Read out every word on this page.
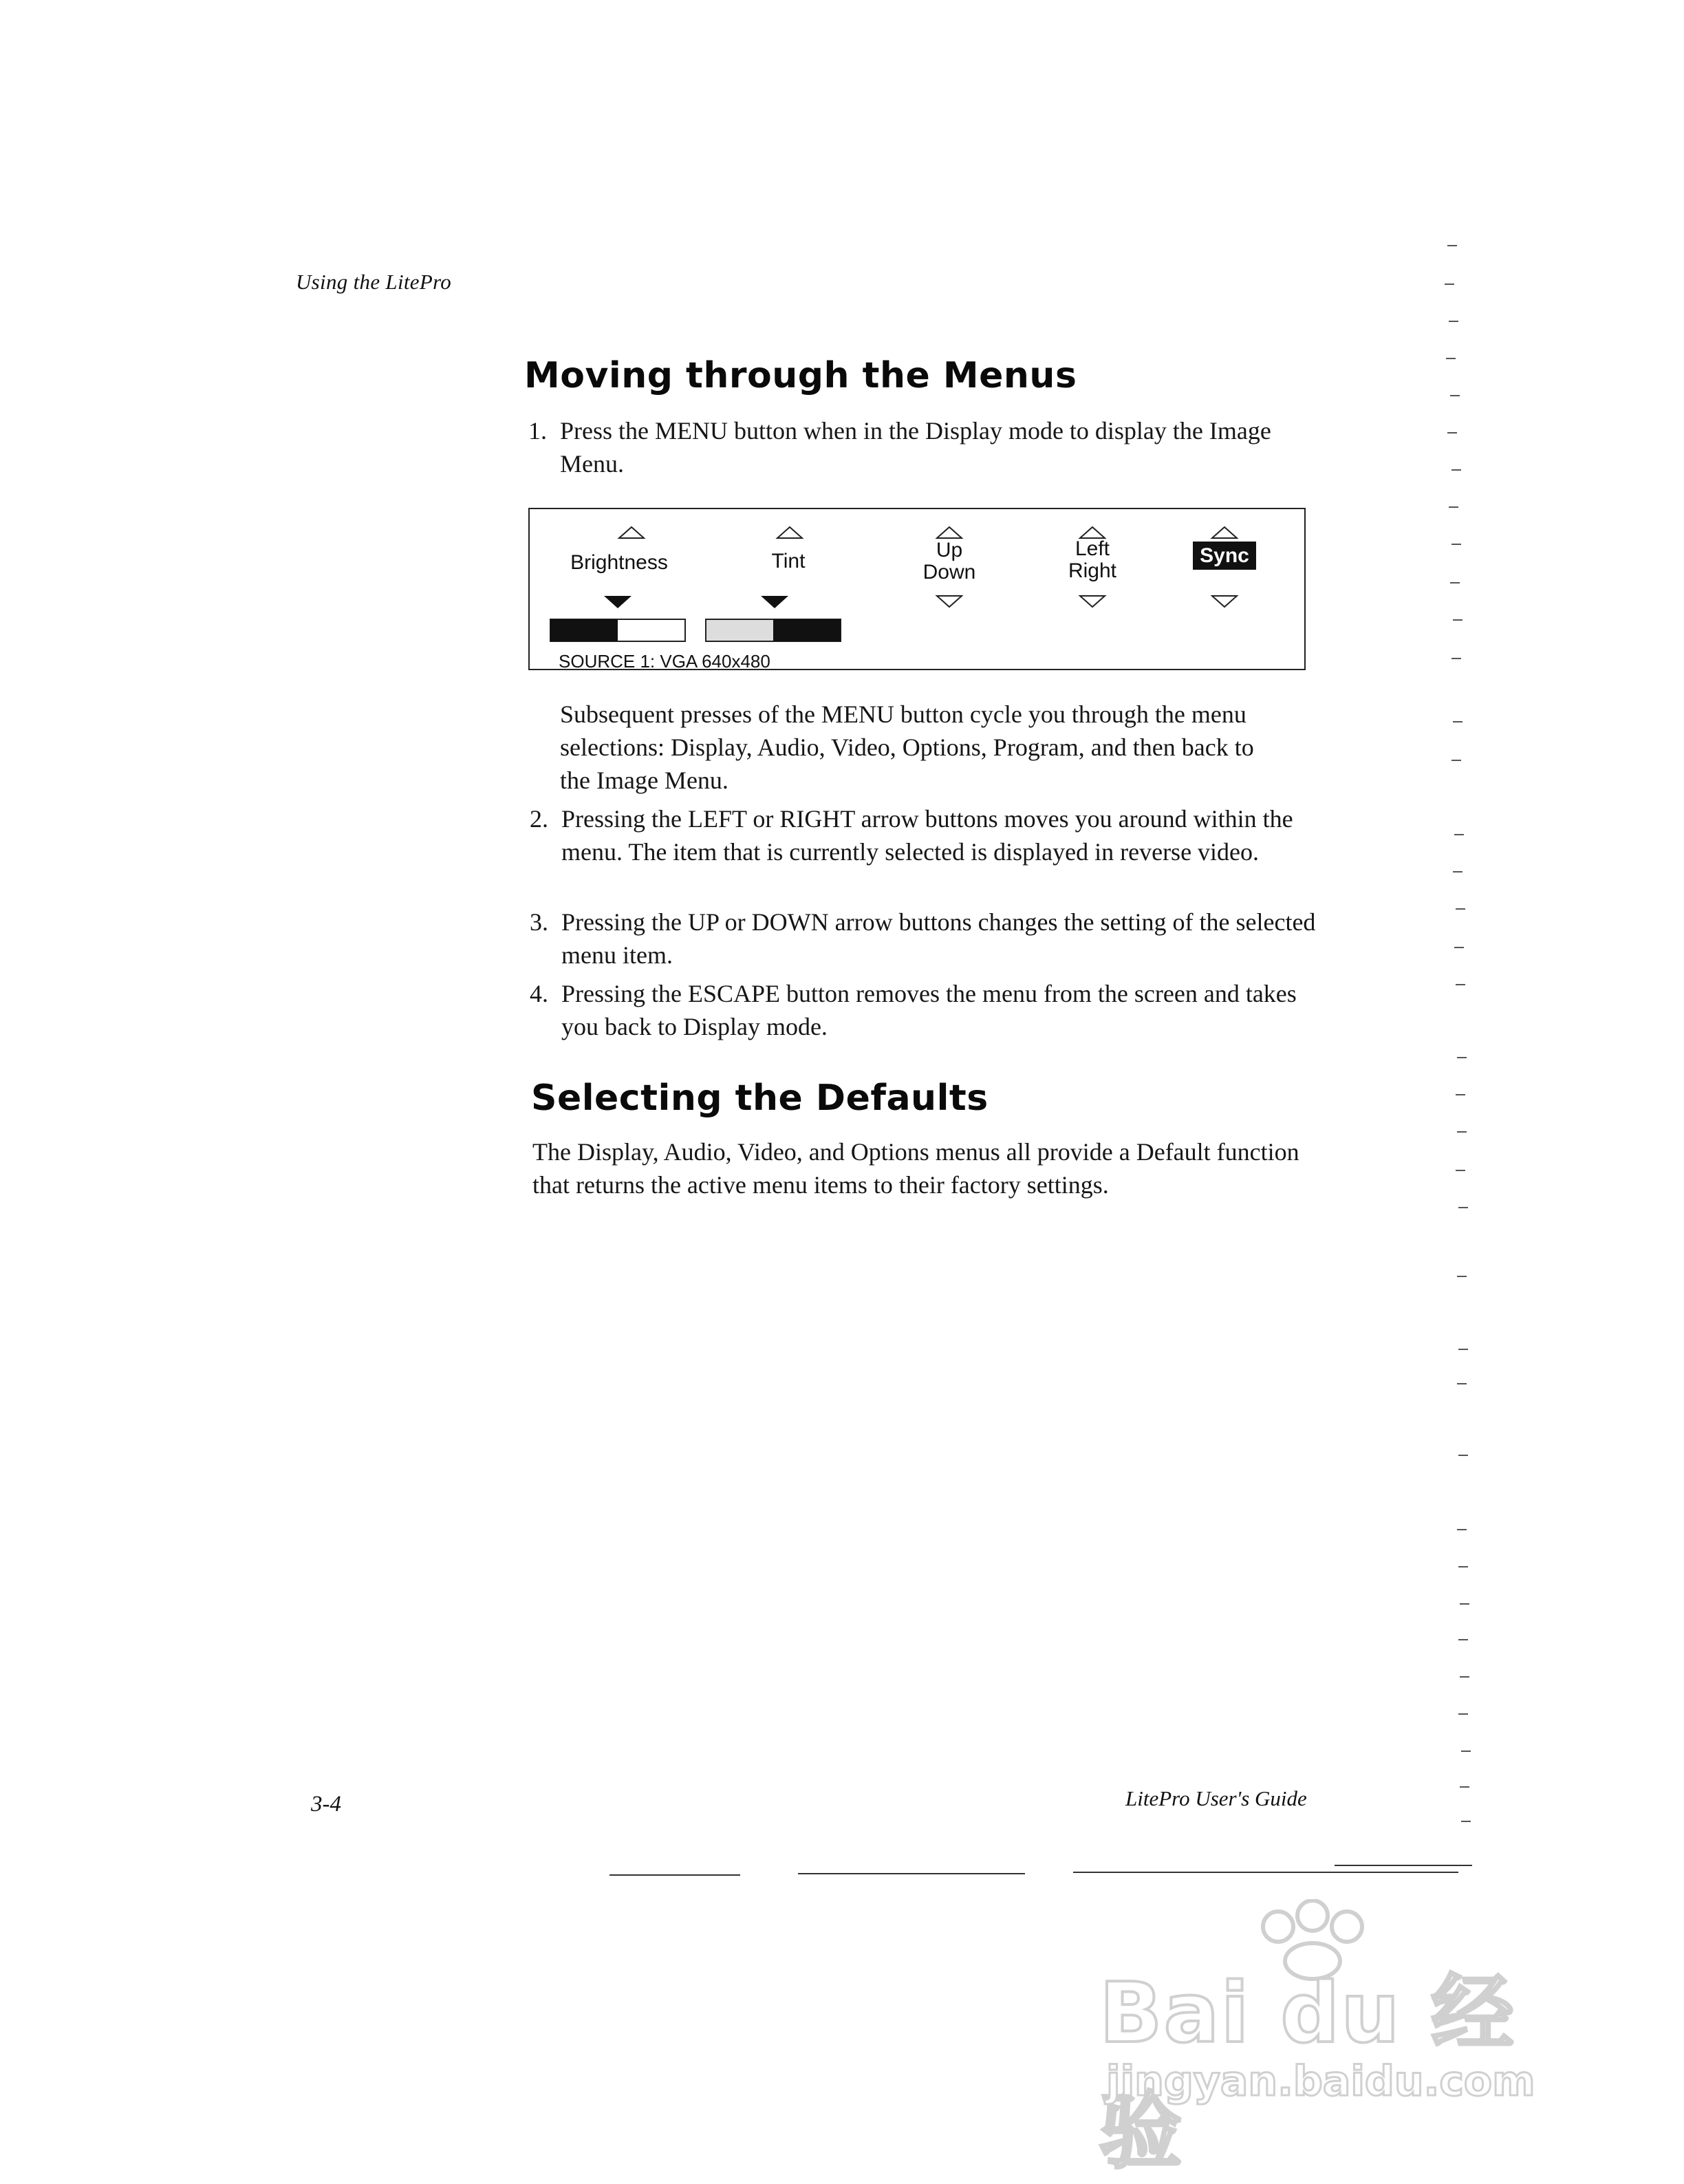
Using the LitePro
Moving through the Menus
1. Press the MENU button when in the Display mode to display the Image Menu.
Brightness	Tint	Up
Down
Left
Right
Sync
SOURCE 1: VGA 640x480
Subsequent presses of the MENU button cycle you through the menu selections: Display, Audio, Video, Options, Program, and then back to the Image Menu.
2. Pressing the LEFT or RIGHT arrow buttons moves you around within the menu. The item that is currently selected is displayed in reverse video.
3. Pressing the UP or DOWN arrow buttons changes the setting of the selected menu item.
4. Pressing the ESCAPE button removes the menu from the screen and takes you back to Display mode.
Selecting the Defaults
The Display, Audio, Video, and Options menus all provide a Default function that returns the active menu items to their factory settings.
3-4	LitePro User's Guide
Bai du 经验
jingyan.baidu.com
